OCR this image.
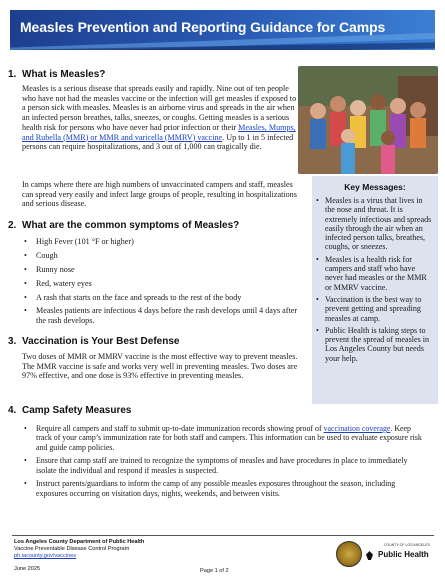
Measles Prevention and Reporting Guidance for Camps
1. What is Measles?

Measles is a serious disease that spreads easily and rapidly. Nine out of ten people who have not had the measles vaccine or the infection will get measles if exposed to a person sick with measles. Measles is an airborne virus and spreads in the air when an infected person breathes, talks, sneezes, or coughs. Getting measles is a serious health risk for persons who have never had prior infection or their Measles, Mumps, and Rubella (MMR) or MMR and varicella (MMRV) vaccine. Up to 1 in 5 infected persons can require hospitalizations, and 3 out of 1,000 can tragically die.

In camps where there are high numbers of unvaccinated campers and staff, measles can spread very easily and infect large groups of people, resulting in hospitalizations and serious disease.

2. What are the common symptoms of Measles?
• High Fever (101 °F or higher)
• Cough
• Runny nose
• Red, watery eyes
• A rash that starts on the face and spreads to the rest of the body
• Measles patients are infectious 4 days before the rash develops until 4 days after the rash develops.
3. Vaccination is Your Best Defense

Two doses of MMR or MMRV vaccine is the most effective way to prevent measles. The MMR vaccine is safe and works very well in preventing measles. Two doses are 97% effective, and one dose is 93% effective in preventing measles.

Key Messages:
• Measles is a virus that lives in the nose and throat. It is extremely infectious and spreads easily through the air when an infected person talks, breathes, coughs, or sneezes.
• Measles is a health risk for campers and staff who have never had measles or the MMR or MMRV vaccine.
• Vaccination is the best way to prevent getting and spreading measles at camp.
• Public Health is taking steps to prevent the spread of measles in Los Angeles County but needs your help.
4. Camp Safety Measures
• Require all campers and staff to submit up-to-date immunization records showing proof of vaccination coverage. Keep track of your camp’s immunization rate for both staff and campers. This information can be used to evaluate exposure risk and guide camp policies.
• Ensure that camp staff are trained to recognize the symptoms of measles and have procedures in place to immediately isolate the individual and respond if measles is suspected.
• Instruct parents/guardians to inform the camp of any possible measles exposures throughout the season, including exposures occurring on visitation days, nights, weekends, and between visits.
Los Angeles County Department of Public Health
Vaccine Preventable Disease Control Program
ph.lacounty.gov/vaccines
June 2025	Page 1 of 2
COUNTY OF LOS ANGELES
Public Health
